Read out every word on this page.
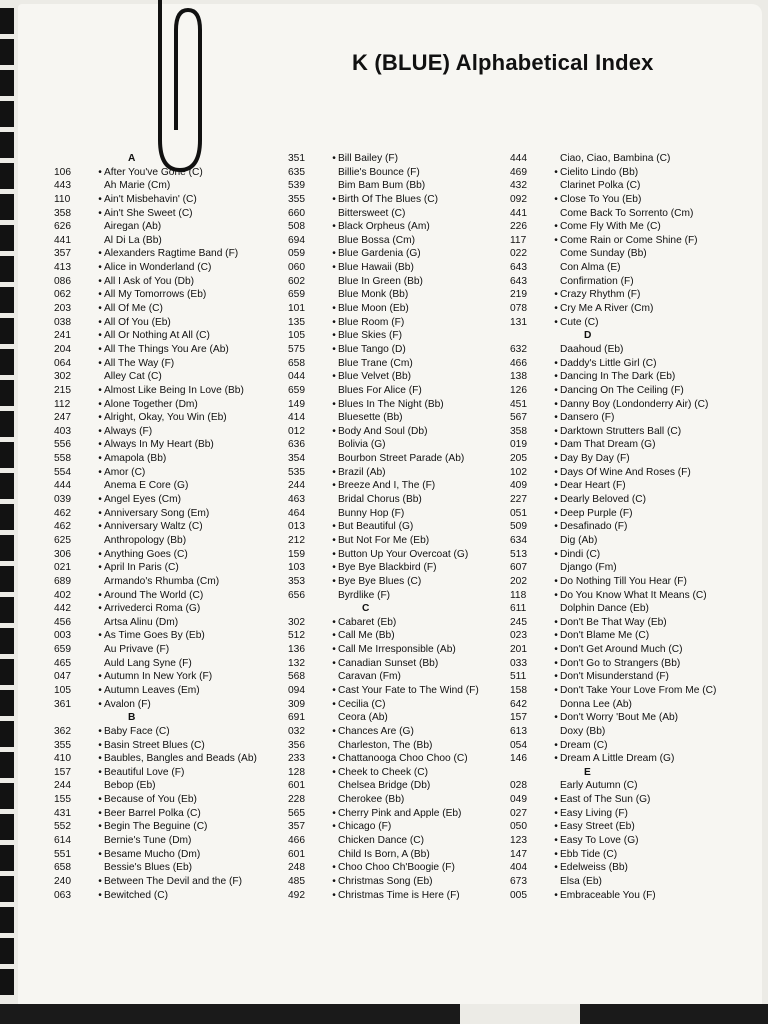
K (BLUE) Alphabetical Index
A
106	• After You've Gone (C)
443	Ah Marie (Cm)
110	• Ain't Misbehavin' (C)
358	• Ain't She Sweet (C)
626	Airegan (Ab)
441	Al Di La (Bb)
357	• Alexanders Ragtime Band (F)
413	• Alice in Wonderland (C)
086	• All I Ask of You (Db)
062	• All My Tomorrows (Eb)
203	• All Of Me (C)
038	• All Of You (Eb)
241	• All Or Nothing At All (C)
204	• All The Things You Are (Ab)
064	• All The Way (F)
302	Alley Cat (C)
215	• Almost Like Being In Love (Bb)
112	• Alone Together (Dm)
247	• Alright, Okay, You Win (Eb)
403	• Always (F)
556	• Always In My Heart (Bb)
558	• Amapola (Bb)
554	• Amor (C)
444	Anema E Core (G)
039	• Angel Eyes (Cm)
462	• Anniversary Song (Em)
462	• Anniversary Waltz (C)
625	Anthropology (Bb)
306	• Anything Goes (C)
021	• April In Paris (C)
689	Armando's Rhumba (Cm)
402	• Around The World (C)
442	• Arrivederci Roma (G)
456	Artsa Alinu (Dm)
003	• As Time Goes By (Eb)
659	Au Privave (F)
465	Auld Lang Syne (F)
047	• Autumn In New York (F)
105	• Autumn Leaves (Em)
361	• Avalon (F)
B
362	• Baby Face (C)
355	• Basin Street Blues (C)
410	• Baubles, Bangles and Beads (Ab)
157	• Beautiful Love (F)
244	Bebop (Eb)
155	• Because of You (Eb)
431	• Beer Barrel Polka (C)
552	• Begin The Beguine (C)
614	Bernie's Tune (Dm)
551	• Besame Mucho (Dm)
658	Bessie's Blues (Eb)
240	• Between The Devil and the (F)
063	• Bewitched (C)
351	• Bill Bailey (F)
635	Billie's Bounce (F)
539	Bim Bam Bum (Bb)
355	• Birth Of The Blues (C)
660	Bittersweet (C)
508	• Black Orpheus (Am)
694	Blue Bossa (Cm)
059	• Blue Gardenia (G)
060	• Blue Hawaii (Bb)
602	Blue In Green (Bb)
659	Blue Monk (Bb)
101	• Blue Moon (Eb)
135	• Blue Room (F)
105	• Blue Skies (F)
575	• Blue Tango (D)
658	Blue Trane (Cm)
044	• Blue Velvet (Bb)
659	Blues For Alice (F)
149	• Blues In The Night (Bb)
414	Bluesette (Bb)
012	• Body And Soul (Db)
636	Bolivia (G)
354	Bourbon Street Parade (Ab)
535	• Brazil (Ab)
244	• Breeze And I, The (F)
463	Bridal Chorus (Bb)
464	Bunny Hop (F)
013	• But Beautiful (G)
212	• But Not For Me (Eb)
159	• Button Up Your Overcoat (G)
103	• Bye Bye Blackbird (F)
353	• Bye Bye Blues (C)
656	Byrdlike (F)
C
302	• Cabaret (Eb)
512	• Call Me (Bb)
136	• Call Me Irresponsible (Ab)
132	• Canadian Sunset (Bb)
568	Caravan (Fm)
094	• Cast Your Fate to The Wind (F)
309	• Cecilia (C)
691	Ceora (Ab)
032	• Chances Are (G)
356	Charleston, The (Bb)
233	• Chattanooga Choo Choo (C)
128	• Cheek to Cheek (C)
601	Chelsea Bridge (Db)
228	Cherokee (Bb)
565	• Cherry Pink and Apple (Eb)
357	• Chicago (F)
466	Chicken Dance (C)
601	Child Is Born, A (Bb)
248	• Choo Choo Ch'Boogie (F)
485	• Christmas Song (Eb)
492	• Christmas Time is Here (F)
444	Ciao, Ciao, Bambina (C)
469	• Cielito Lindo (Bb)
432	Clarinet Polka (C)
092	• Close To You (Eb)
441	Come Back To Sorrento (Cm)
226	• Come Fly With Me (C)
117	• Come Rain or Come Shine (F)
022	Come Sunday (Bb)
643	Con Alma (E)
643	Confirmation (F)
219	• Crazy Rhythm (F)
078	• Cry Me A River (Cm)
131	• Cute (C)
D
632	Daahoud (Eb)
466	• Daddy's Little Girl (C)
138	• Dancing In The Dark (Eb)
126	• Dancing On The Ceiling (F)
451	• Danny Boy (Londonderry Air) (C)
567	• Dansero (F)
358	• Darktown Strutters Ball (C)
019	• Dam That Dream (G)
205	• Day By Day (F)
102	• Days Of Wine And Roses (F)
409	• Dear Heart (F)
227	• Dearly Beloved (C)
051	• Deep Purple (F)
509	• Desafinado (F)
634	Dig (Ab)
513	• Dindi (C)
607	Django (Fm)
202	• Do Nothing Till You Hear (F)
118	• Do You Know What It Means (C)
611	Dolphin Dance (Eb)
245	• Don't Be That Way (Eb)
023	• Don't Blame Me (C)
201	• Don't Get Around Much (C)
033	• Don't Go to Strangers (Bb)
511	• Don't Misunderstand (F)
158	• Don't Take Your Love From Me (C)
642	Donna Lee (Ab)
157	• Don't Worry 'Bout Me (Ab)
613	Doxy (Bb)
054	• Dream (C)
146	• Dream A Little Dream (G)
E
028	Early Autumn (C)
049	• East of The Sun (G)
027	• Easy Living (F)
050	• Easy Street (Eb)
123	• Easy To Love (G)
147	• Ebb Tide (C)
404	• Edelweiss (Bb)
673	Elsa (Eb)
005	• Embraceable You (F)
